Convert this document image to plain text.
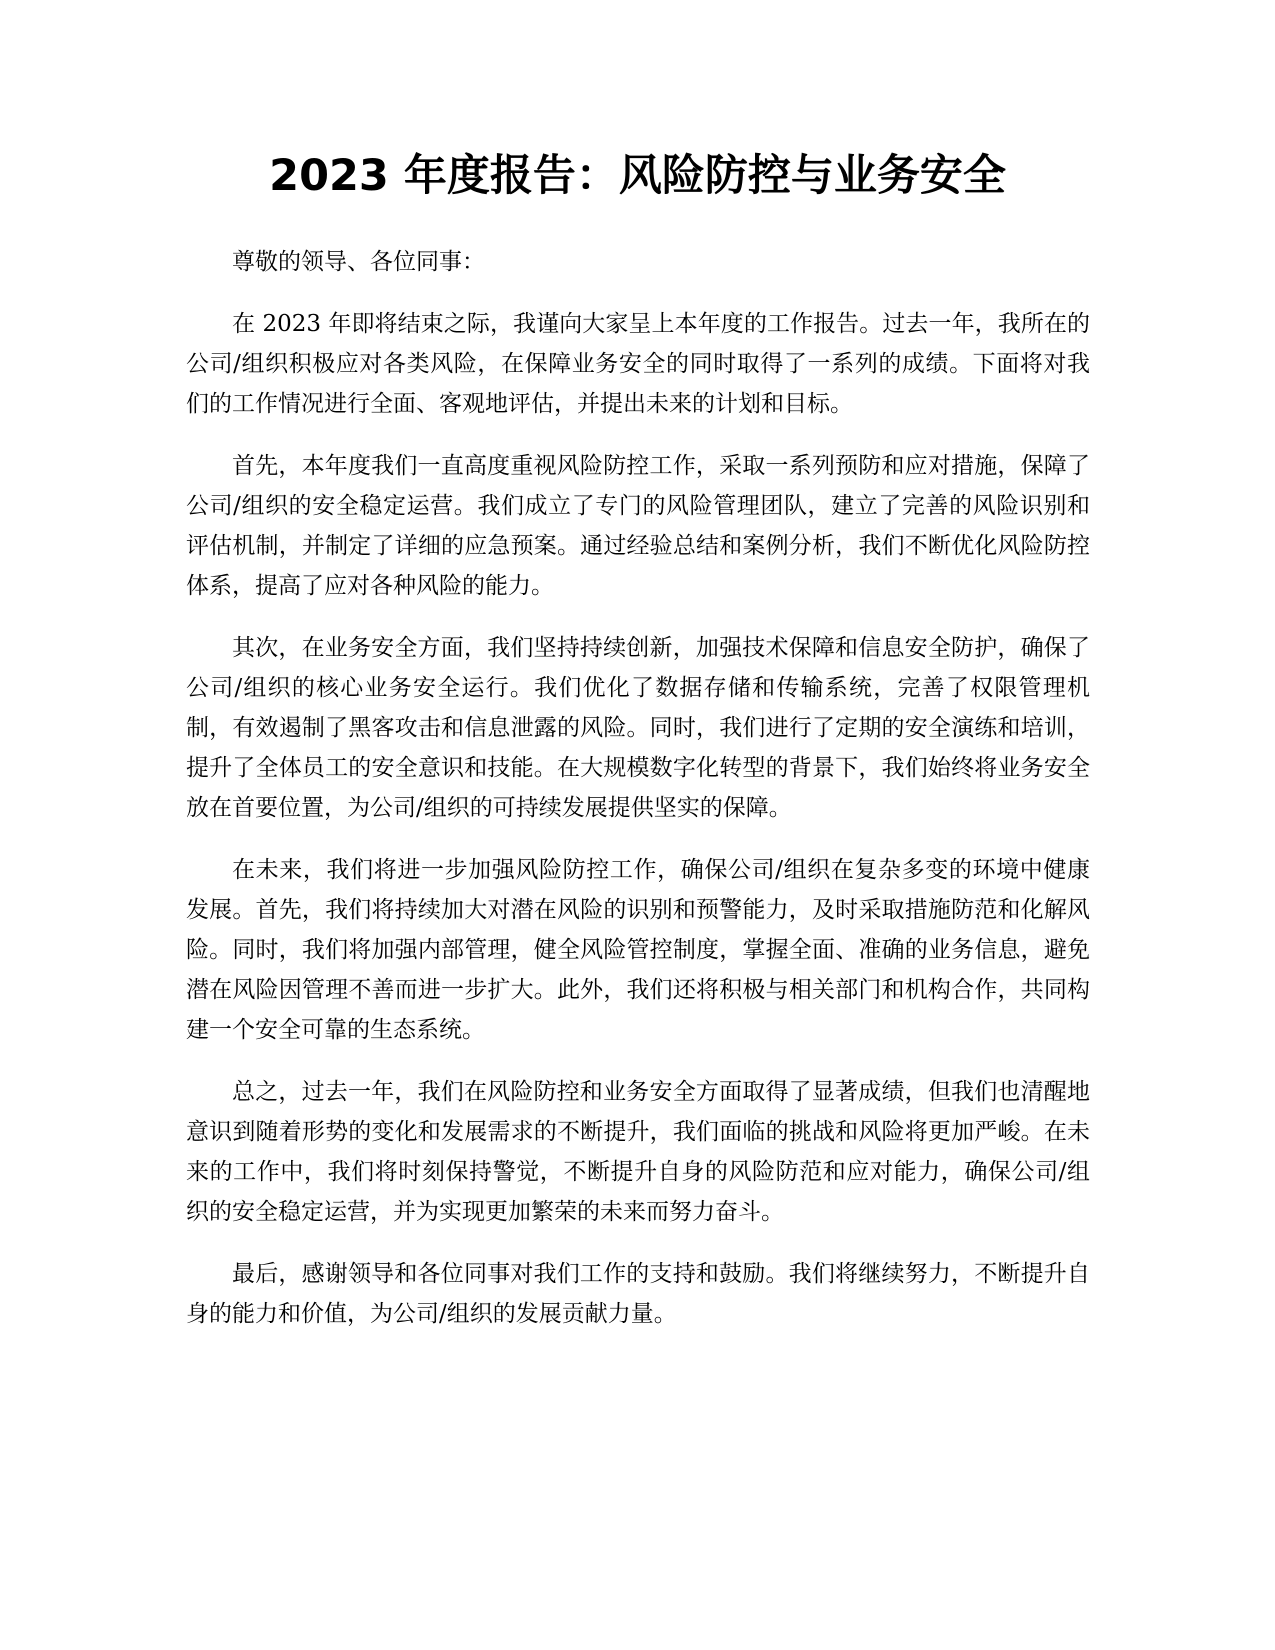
2023 年度报告：风险防控与业务安全

尊敬的领导、各位同事：

在 2023 年即将结束之际，我谨向大家呈上本年度的工作报告。过去一年，我所在的公司/组织积极应对各类风险，在保障业务安全的同时取得了一系列的成绩。下面将对我们的工作情况进行全面、客观地评估，并提出未来的计划和目标。

首先，本年度我们一直高度重视风险防控工作，采取一系列预防和应对措施，保障了公司/组织的安全稳定运营。我们成立了专门的风险管理团队，建立了完善的风险识别和评估机制，并制定了详细的应急预案。通过经验总结和案例分析，我们不断优化风险防控体系，提高了应对各种风险的能力。

其次，在业务安全方面，我们坚持持续创新，加强技术保障和信息安全防护，确保了公司/组织的核心业务安全运行。我们优化了数据存储和传输系统，完善了权限管理机制，有效遏制了黑客攻击和信息泄露的风险。同时，我们进行了定期的安全演练和培训，提升了全体员工的安全意识和技能。在大规模数字化转型的背景下，我们始终将业务安全放在首要位置，为公司/组织的可持续发展提供坚实的保障。

在未来，我们将进一步加强风险防控工作，确保公司/组织在复杂多变的环境中健康发展。首先，我们将持续加大对潜在风险的识别和预警能力，及时采取措施防范和化解风险。同时，我们将加强内部管理，健全风险管控制度，掌握全面、准确的业务信息，避免潜在风险因管理不善而进一步扩大。此外，我们还将积极与相关部门和机构合作，共同构建一个安全可靠的生态系统。

总之，过去一年，我们在风险防控和业务安全方面取得了显著成绩，但我们也清醒地意识到随着形势的变化和发展需求的不断提升，我们面临的挑战和风险将更加严峻。在未来的工作中，我们将时刻保持警觉，不断提升自身的风险防范和应对能力，确保公司/组织的安全稳定运营，并为实现更加繁荣的未来而努力奋斗。

最后，感谢领导和各位同事对我们工作的支持和鼓励。我们将继续努力，不断提升自身的能力和价值，为公司/组织的发展贡献力量。
